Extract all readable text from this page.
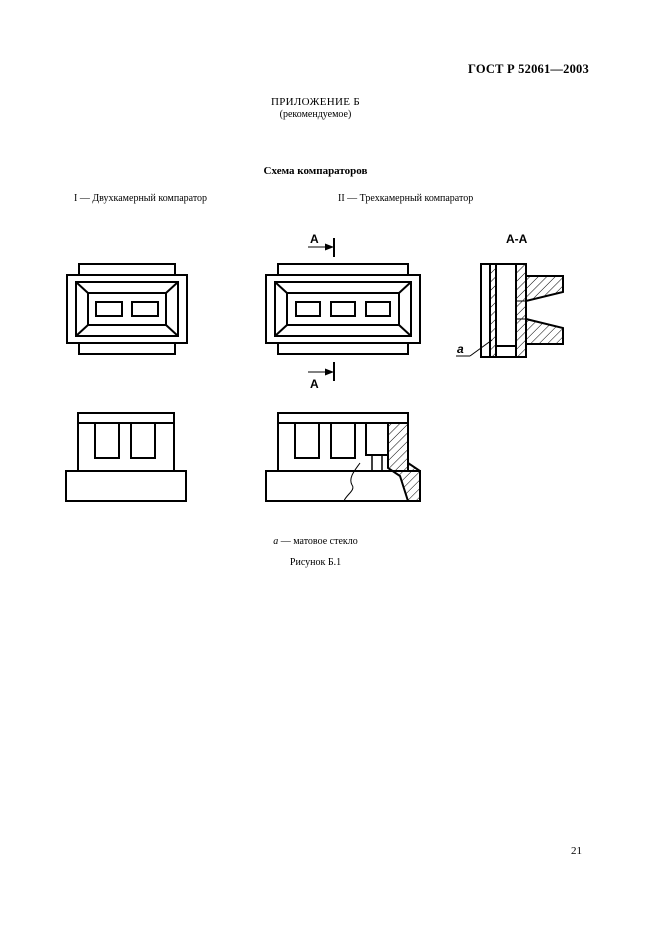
ГОСТ Р 52061—2003
ПРИЛОЖЕНИЕ Б
(рекомендуемое)
Схема компараторов
I — Двухкамерный компаратор	II — Трехкамерный компаратор
А
А
А-А
а
а — матовое стекло
Рисунок Б.1
21
